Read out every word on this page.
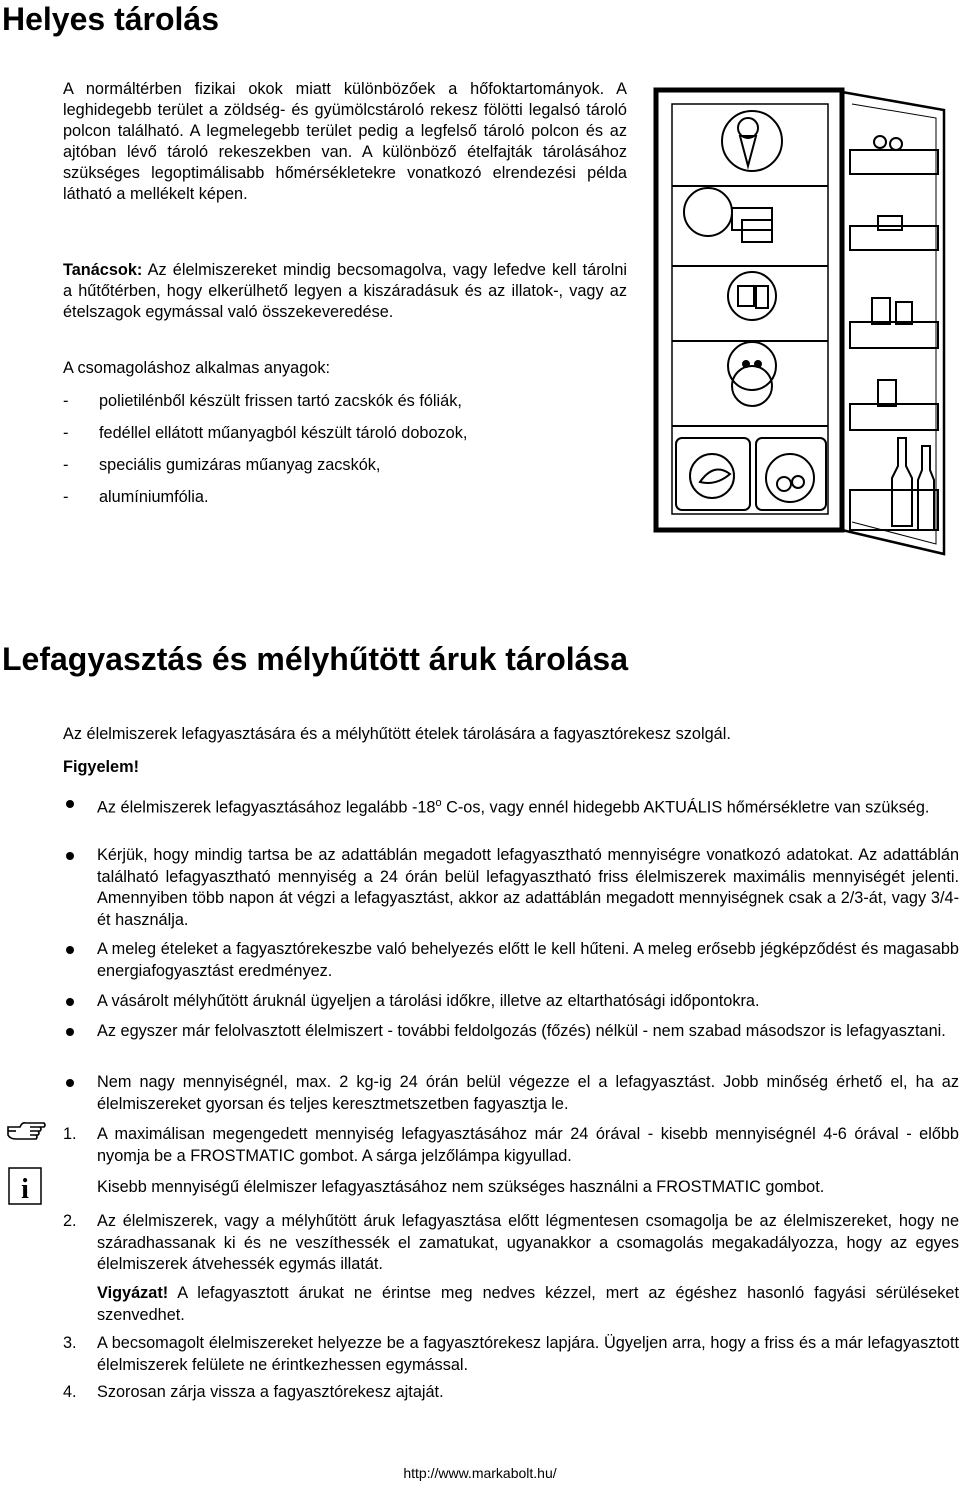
Helyes tárolás
A normáltérben fizikai okok miatt különbözőek a hőfoktartományok. A leghidegebb terület a zöldség- és gyümölcstároló rekesz fölötti legalsó tároló polcon található. A legmelegebb terület pedig a legfelső tároló polcon és az ajtóban lévő tároló rekeszekben van. A különböző ételfajták tárolásához szükséges legoptimálisabb hőmérsékletekre vonatkozó elrendezési példa látható a mellékelt képen.
Tanácsok: Az élelmiszereket mindig becsomagolva, vagy lefedve kell tárolni a hűtőtérben, hogy elkerülhető legyen a kiszáradásuk és az illatok-, vagy az ételszagok egymással való összekeveredése.
A csomagoláshoz alkalmas anyagok:
- polietilénből készült frissen tartó zacskók és fóliák,
- fedéllel ellátott műanyagból készült tároló dobozok,
- speciális gumizáras műanyag zacskók,
- alumíniumfólia.
Lefagyasztás és mélyhűtött áruk tárolása
Az élelmiszerek lefagyasztására és a mélyhűtött ételek tárolására a fagyasztórekesz szolgál.
Figyelem!
Az élelmiszerek lefagyasztásához legalább -18$^o$ C-os, vagy ennél hidegebb AKTUÁLIS hőmérsékletre van szükség.
Kérjük, hogy mindig tartsa be az adattáblán megadott lefagyasztható mennyiségre vonatkozó adatokat. Az adattáblán található lefagyasztható mennyiség a 24 órán belül lefagyasztható friss élelmiszerek maximális mennyiségét jelenti. Amennyiben több napon át végzi a lefagyasztást, akkor az adattáblán megadott mennyiségnek csak a 2/3-át, vagy 3/4-ét használja.
A meleg ételeket a fagyasztórekeszbe való behelyezés előtt le kell hűteni. A meleg erősebb jégképződést és magasabb energiafogyasztást eredményez.
A vásárolt mélyhűtött áruknál ügyeljen a tárolási időkre, illetve az eltarthatósági időpontokra.
Az egyszer már felolvasztott élelmiszert - további feldolgozás (főzés) nélkül - nem szabad másodszor is lefagyasztani.
Nem nagy mennyiségnél, max. 2 kg-ig 24 órán belül végezze el a lefagyasztást. Jobb minőség érhető el, ha az élelmiszereket gyorsan és teljes keresztmetszetben fagyasztja le.
i
1. A maximálisan megengedett mennyiség lefagyasztásához már 24 órával - kisebb mennyiségnél 4-6 órával - előbb nyomja be a FROSTMATIC gombot. A sárga jelzőlámpa kigyullad.
Kisebb mennyiségű élelmiszer lefagyasztásához nem szükséges használni a FROSTMATIC gombot.
2. Az élelmiszerek, vagy a mélyhűtött áruk lefagyasztása előtt légmentesen csomagolja be az élelmiszereket, hogy ne száradhassanak ki és ne veszíthessék el zamatukat, ugyanakkor a csomagolás megakadályozza, hogy az egyes élelmiszerek átvehessék egymás illatát.
Vigyázat! A lefagyasztott árukat ne érintse meg nedves kézzel, mert az égéshez hasonló fagyási sérüléseket szenvedhet.
3. A becsomagolt élelmiszereket helyezze be a fagyasztórekesz lapjára. Ügyeljen arra, hogy a friss és a már lefagyasztott élelmiszerek felülete ne érintkezhessen egymással.
4. Szorosan zárja vissza a fagyasztórekesz ajtaját.
http://www.markabolt.hu/
